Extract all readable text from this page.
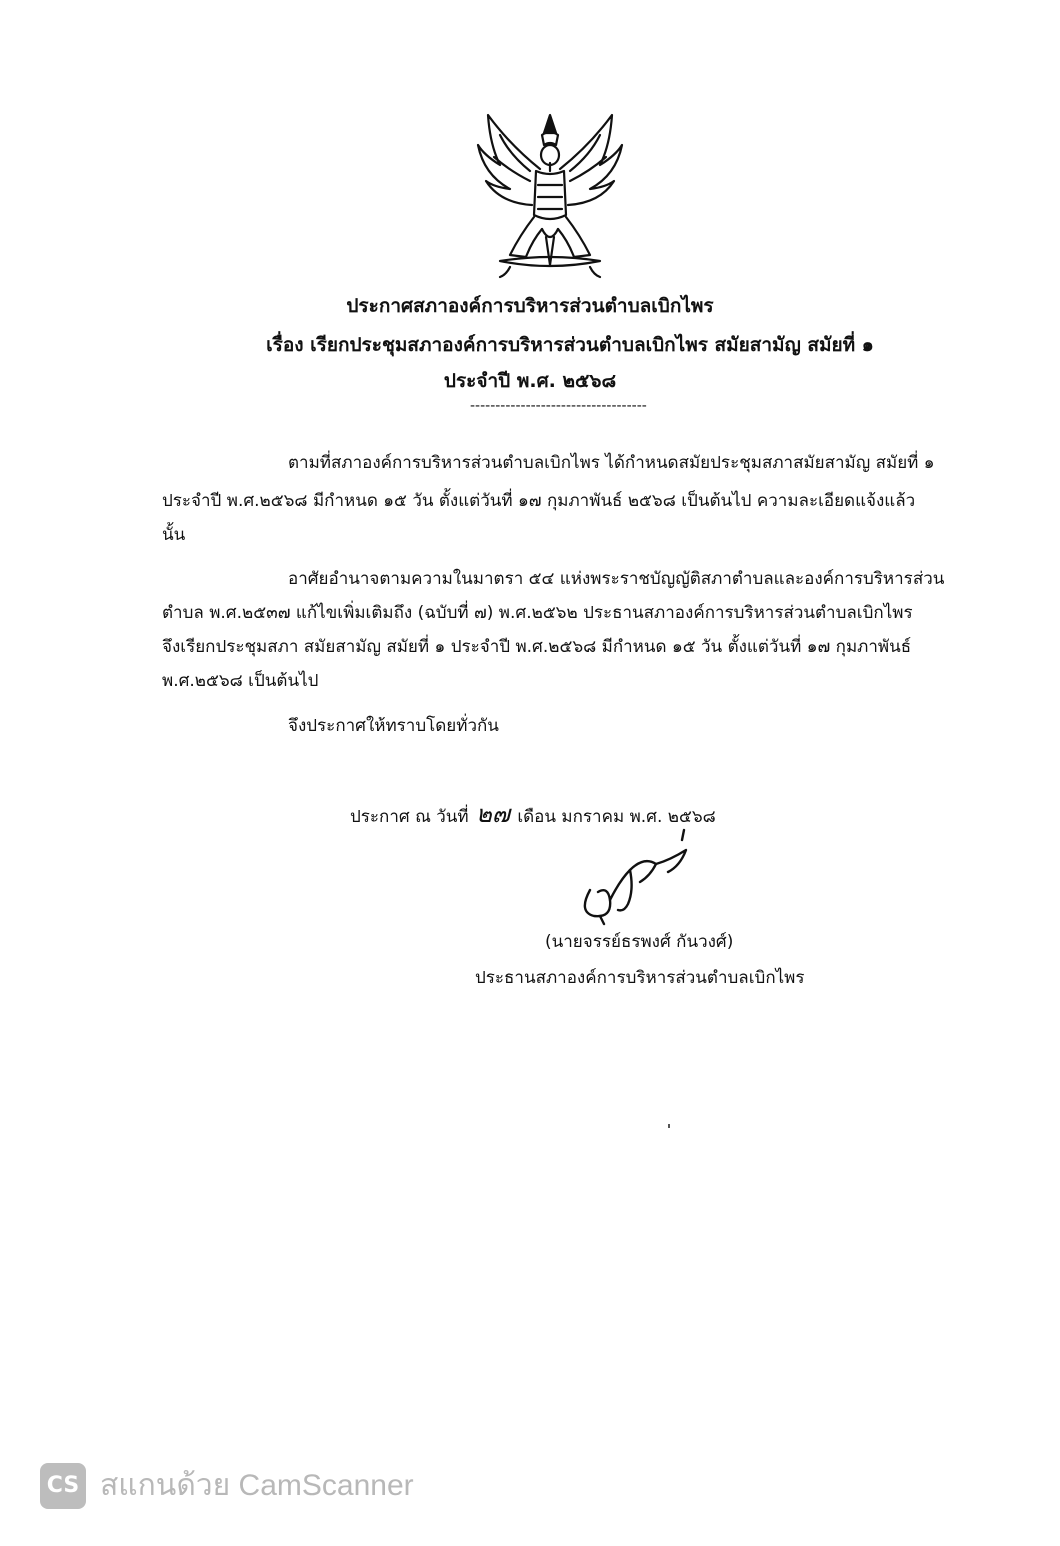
ประกาศสภาองค์การบริหารส่วนตำบลเบิกไพร
เรื่อง เรียกประชุมสภาองค์การบริหารส่วนตำบลเบิกไพร สมัยสามัญ สมัยที่ ๑
ประจำปี พ.ศ. ๒๕๖๘
-----------------------------------
ตามที่สภาองค์การบริหารส่วนตำบลเบิกไพร ได้กำหนดสมัยประชุมสภาสมัยสามัญ สมัยที่ ๑
ประจำปี พ.ศ.๒๕๖๘ มีกำหนด ๑๕ วัน ตั้งแต่วันที่ ๑๗ กุมภาพันธ์ ๒๕๖๘ เป็นต้นไป ความละเอียดแจ้งแล้ว
นั้น
อาศัยอำนาจตามความในมาตรา ๕๔ แห่งพระราชบัญญัติสภาตำบลและองค์การบริหารส่วน
ตำบล พ.ศ.๒๕๓๗ แก้ไขเพิ่มเติมถึง (ฉบับที่ ๗) พ.ศ.๒๕๖๒ ประธานสภาองค์การบริหารส่วนตำบลเบิกไพร
จึงเรียกประชุมสภา สมัยสามัญ สมัยที่ ๑ ประจำปี พ.ศ.๒๕๖๘ มีกำหนด ๑๕ วัน ตั้งแต่วันที่ ๑๗ กุมภาพันธ์
พ.ศ.๒๕๖๘ เป็นต้นไป
จึงประกาศให้ทราบโดยทั่วกัน
ประกาศ ณ วันที่ ๒๗ เดือน มกราคม พ.ศ. ๒๕๖๘
(นายจรรย์ธรพงศ์ กันวงศ์)
ประธานสภาองค์การบริหารส่วนตำบลเบิกไพร
CS สแกนด้วย CamScanner
